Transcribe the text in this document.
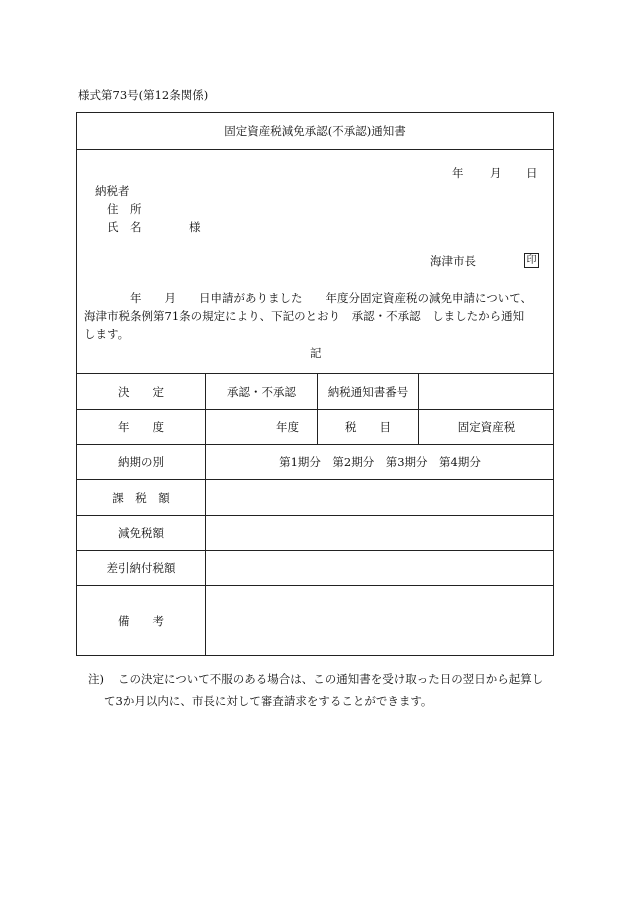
様式第73号(第12条関係)
固定資産税減免承認(不承認)通知書
年 月 日
納税者
住　所
氏　名	様
海津市長	印
年　　月　　日申請がありました　　年度分固定資産税の減免申請について、
海津市税条例第71条の規定により、下記のとおり　承認・不承認　しましたから通知
します。
記
決　　定	承認・不承認	納税通知書番号
年　　度	年度	税　　目	固定資産税
納期の別	第1期分　第2期分　第3期分　第4期分
課　税　額
減免税額
差引納付税額
備　　考
注) この決定について不服のある場合は、この通知書を受け取った日の翌日から起算し
て3か月以内に、市長に対して審査請求をすることができます。
